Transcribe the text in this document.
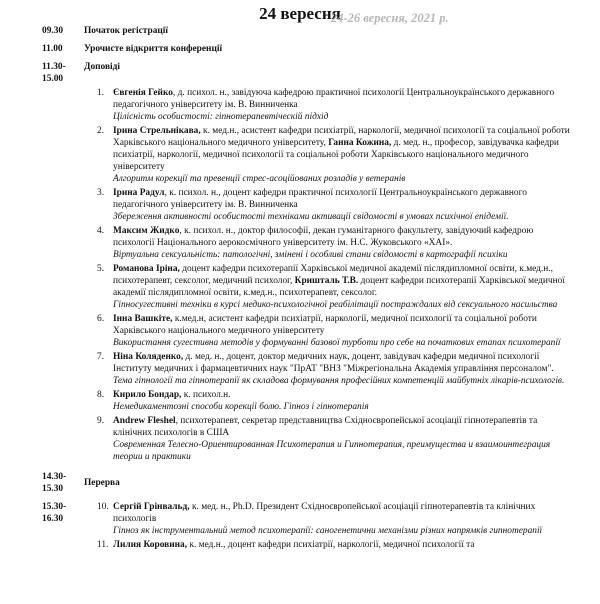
24 вересня
24-26 вересня, 2021 р.
09.30	Початок регістрації
11.00	Урочисте відкриття конференції
11.30-
15.00
Доповіді
1. Євгенія Гейко, д. психол. н., завідуюча кафедрою практичної психології Центральноукраїнського державного педагогічного університету ім. В. Винниченка
Цілісність особистості: гіпнотерапевтіческій підхід
2. Ірина Стрельнікава, к. мед.н., асистент кафедри психіатрії, наркології, медичної психології та соціальної роботи Харківського національного медичного університету, Ганна Кожина, д. мед. н., професор, завідувачка кафедри психіатрії, наркології, медичної психології та соціальної роботи Харківського національного медичного університету
Алгоритм корекції та превенції стрес-асоційованих розладів у ветеранів
3. Ірина Радул, к. психол. н., доцент кафедри практичної психології Центральноукраїнського державного педагогічного університету ім. В. Винниченка
Збереження активності особистості техніками активації свідомості в умовах психічної епідемії.
4. Максим Жидко, к. психол. н., доктор философії, декан гуманітарного факультету, завідуючий кафедрою психології Національного аерокосмічного університету ім. Н.С. Жуковського «ХАІ».
Віртуальна сексуальність: патологічні, змінені і особливі стани свідомості в картографії психіки
5. Романова Іріна, доцент кафедри психотерапії Харківської медичної академії післядипломної освіти, к.мед.н., психотерапевт, сексолог, медичний психолог, Кришталь Т.В. доцент кафедри психотерапії Харківської медичної академії післядипломної освіти, к.мед.н., психотерапевт, сексолог.
Гіпносугестивні техніки в курсі медико-психологічної реабілітації постраждалих від сексуального насильства
6. Інна Вашкіте, к.мед.н, асистент кафедри психіатрії, наркології, медичної психології та соціальної роботи Харківського національного медичного університету
Використання сугестивна методів у формуванні базової турботи про себе на початкових етапах психотерапії
7. Ніна Коляденко, д. мед. н., доцент, доктор медичних наук, доцент, завідувач кафедри медичної психології Інституту медичних і фармацевтичних наук "ПрАТ "ВНЗ "Міжрегіональна Академія управління персоналом".
Тема гіпнології та гіпнотерапії як складова формування професійних компетенцій майбутніх лікарів-психологів.
8. Кирило Бондар, к. психол.н.
Немедикаментозні способи корекції болю. Гіпноз і гіпнотерапія
9. Andrew Fleshel, психотерапевт, секретар представництва Східноєвропейської асоціації гіпнотерапевтів та клінічних психологів в США
Современная Телесно-Ориентированная Психотерапия и Гипнотерапия, преимущества и взаимоинтеграция теории и практики
14.30-
15.30
Перерва
15.30-
16.30
10. Сергій Грінвальд, к. мед. н., Ph.D. Президент Східноєвропейської асоціації гіпнотерапевтів та клінічних психологів
Гіпноз як інструментальний метод психотерапії: саногенетични механізми різних напрямків гипнотерапії
11. Лилия Коровина, к. мед.н., доцент кафедри психіатрії, наркології, медичної психології та
